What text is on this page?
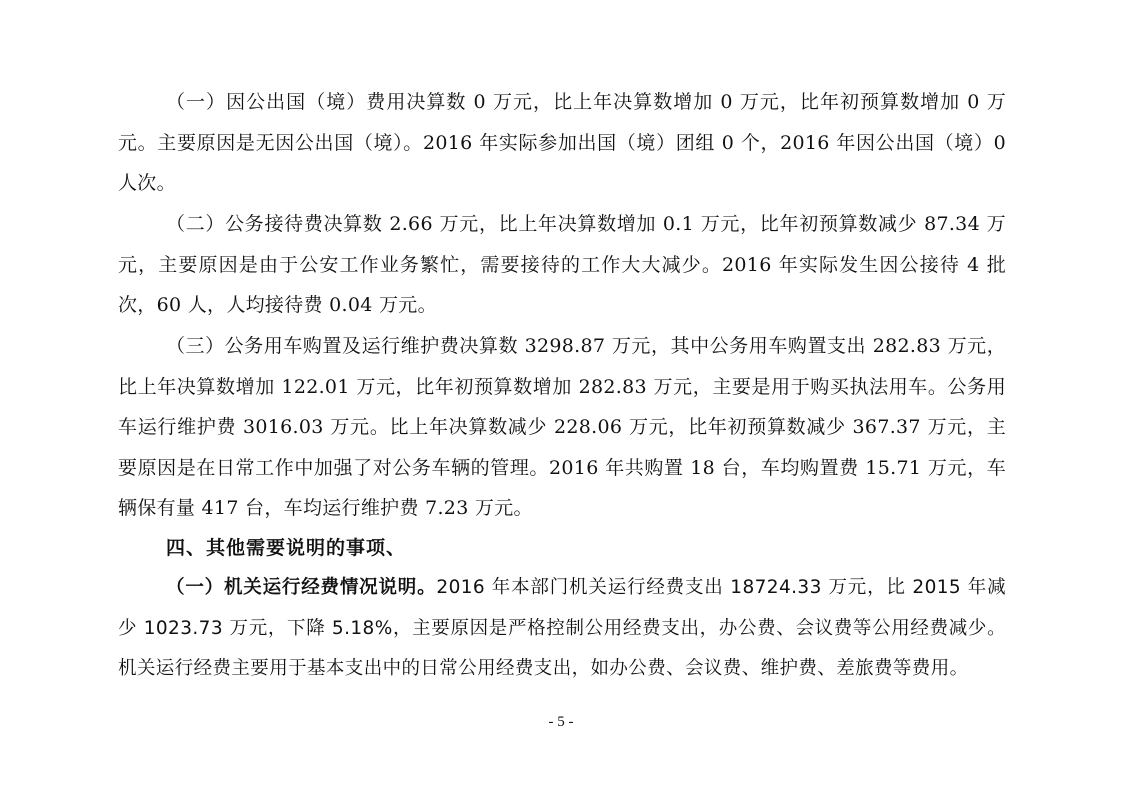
（一）因公出国（境）费用决算数 0 万元，比上年决算数增加 0 万元，比年初预算数增加 0 万元。主要原因是无因公出国（境）。2016 年实际参加出国（境）团组 0 个，2016 年因公出国（境）0 人次。

（二）公务接待费决算数 2.66 万元，比上年决算数增加 0.1 万元，比年初预算数减少 87.34 万元，主要原因是由于公安工作业务繁忙，需要接待的工作大大减少。2016 年实际发生因公接待 4 批次，60 人，人均接待费 0.04 万元。

（三）公务用车购置及运行维护费决算数 3298.87 万元，其中公务用车购置支出 282.83 万元，比上年决算数增加 122.01 万元，比年初预算数增加 282.83 万元，主要是用于购买执法用车。公务用车运行维护费 3016.03 万元。比上年决算数减少 228.06 万元，比年初预算数减少 367.37 万元，主要原因是在日常工作中加强了对公务车辆的管理。2016 年共购置 18 台，车均购置费 15.71 万元，车辆保有量 417 台，车均运行维护费 7.23 万元。

四、其他需要说明的事项、

（一）机关运行经费情况说明。2016 年本部门机关运行经费支出 18724.33 万元，比 2015 年减少 1023.73 万元，下降 5.18%，主要原因是严格控制公用经费支出，办公费、会议费等公用经费减少。机关运行经费主要用于基本支出中的日常公用经费支出，如办公费、会议费、维护费、差旅费等费用。

- 5 -
